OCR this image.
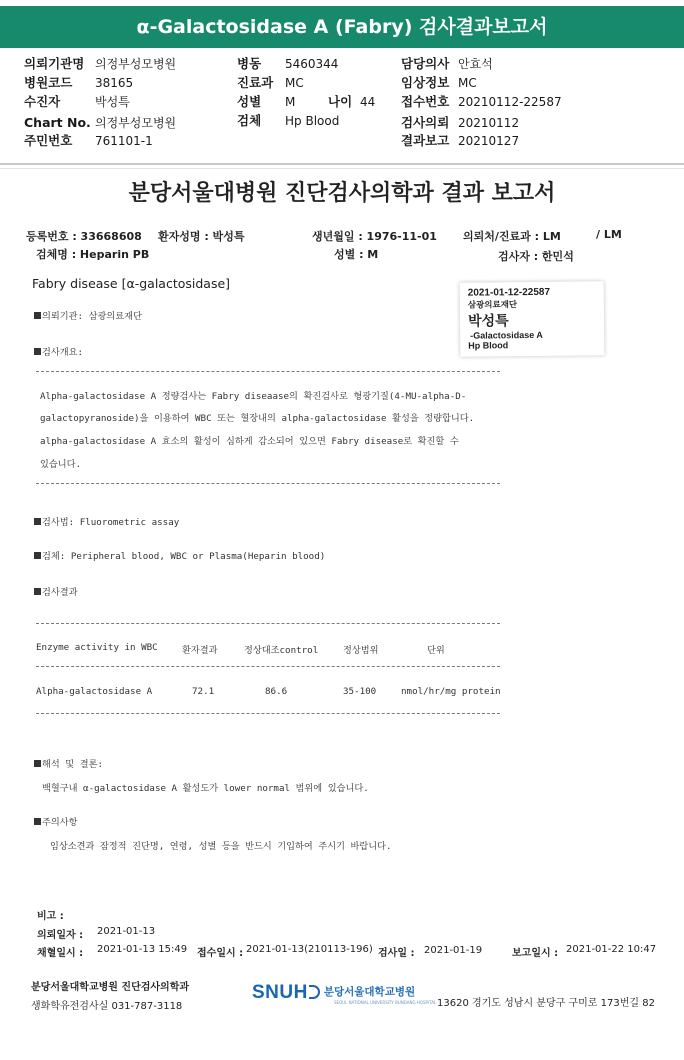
α-Galactosidase A (Fabry) 검사결과보고서
의뢰기관명 의정부성모병원
병원코드 38165
수진자	박성특
Chart No. 의정부성모병원
주민번호 761101-1
병동 5460344
진료과 MC
성별 M	나이 44
검체 Hp Blood
담당의사 안효석
임상정보 MC
접수번호 20210112-22587
검사의뢰 20210112
결과보고 20210127
분당서울대병원 진단검사의학과 결과 보고서
등록번호 : 33668608 환자성명 : 박성특	생년월일 : 1976-11-01 의뢰처/진료과 : LM	/ LM
검체명 : Heparin PB	성별 : M	검사자 : 한민석
Fabry disease [α-galactosidase]
2021-01-12-22587
삼광의료재단
박성특
-Galactosidase A
Hp Blood
의뢰기관: 삼광의료재단
검사개요:
Alpha-galactosidase A 정량검사는 Fabry diseaase의 확진검사로 형광기질(4-MU-alpha-D-
galactopyranoside)을 이용하여 WBC 또는 혈장내의 alpha-galactosidase 활성을 정량합니다.
alpha-galactosidase A 효소의 활성이 심하게 감소되어 있으면 Fabry disease로 확진할 수
있습니다.
검사법: Fluorometric assay
검체: Peripheral blood, WBC or Plasma(Heparin blood)
검사결과
Enzyme activity in WBC	환자결과	정상대조control	정상범위	단위
Alpha-galactosidase A	72.1	86.6	35-100	nmol/hr/mg protein
해석 및 결론:
백혈구내 α-galactosidase A 활성도가 lower normal 범위에 있습니다.
주의사항
임상소견과 잠정적 진단명, 연령, 성별 등을 반드시 기입하여 주시기 바랍니다.
비고 :
의뢰일자 : 2021-01-13
채혈일시 : 2021-01-13 15:49 접수일시 : 2021-01-13(210113-196) 검사일 : 2021-01-19	보고일시 : 2021-01-22 10:47
분당서울대학교병원 진단검사의학과
생화학유전검사실 031-787-3118
SNUH 분당서울대학교병원
SEOUL NATIONAL UNIVERSITY BUNDANG HOSPITAL 13620 경기도 성남시 분당구 구미로 173번길 82
